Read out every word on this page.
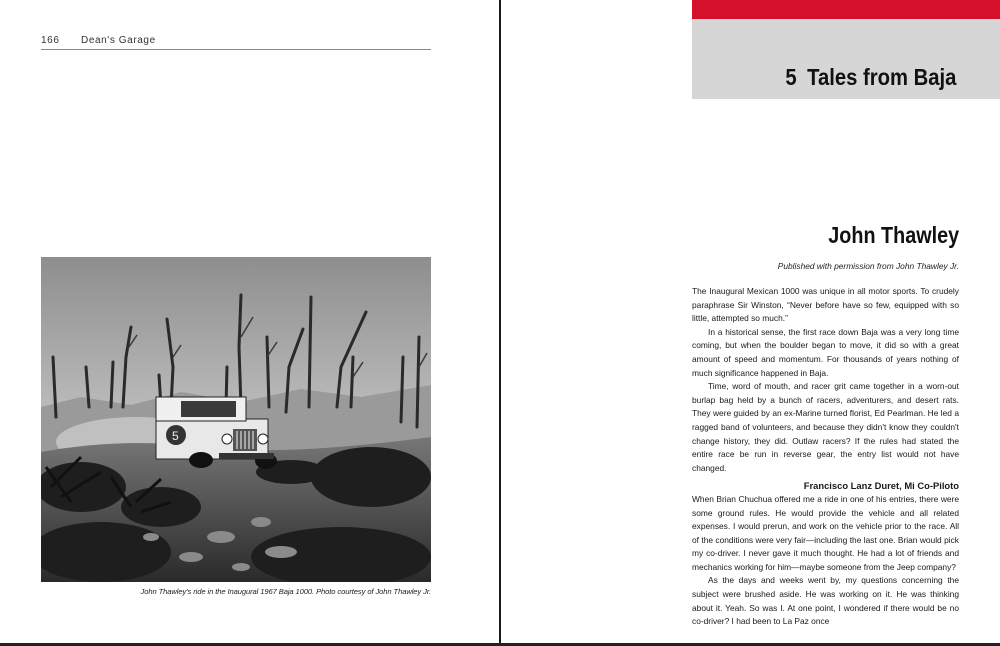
166 Dean's Garage
5
John Thawley's ride in the Inaugural 1967 Baja 1000. Photo courtesy of John Thawley Jr.
5 Tales from Baja
John Thawley
Published with permission from John Thawley Jr.

The Inaugural Mexican 1000 was unique in all motor sports. To crudely paraphrase Sir Winston, “Never before have so few, equipped with so little, attempted so much.”

In a historical sense, the first race down Baja was a very long time coming, but when the boulder began to move, it did so with a great amount of speed and momentum. For thousands of years nothing of much significance happened in Baja.

Time, word of mouth, and racer grit came together in a worn-out burlap bag held by a bunch of racers, adventurers, and desert rats. They were guided by an ex-Marine turned florist, Ed Pearlman. He led a ragged band of volunteers, and because they didn't know they couldn't change history, they did. Outlaw racers? If the rules had stated the entire race be run in reverse gear, the entry list would not have changed.

Francisco Lanz Duret, Mi Co-Piloto

When Brian Chuchua offered me a ride in one of his entries, there were some ground rules. He would provide the vehicle and all related expenses. I would prerun, and work on the vehicle prior to the race. All of the conditions were very fair—including the last one. Brian would pick my co-driver. I never gave it much thought. He had a lot of friends and mechanics working for him—maybe someone from the Jeep company?

As the days and weeks went by, my questions concerning the subject were brushed aside. He was working on it. He was thinking about it. Yeah. So was I. At one point, I wondered if there would be no co-driver? I had been to La Paz once
